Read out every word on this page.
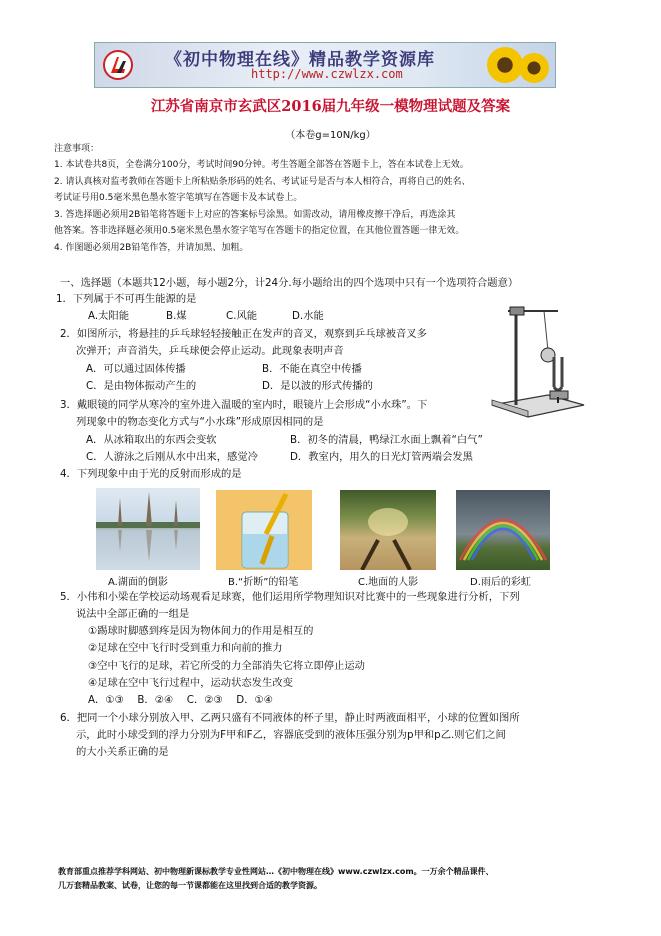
《初中物理在线》精品教学资源库
http://www.czwlzx.com
江苏省南京市玄武区2016届九年级一模物理试题及答案
（本卷g=10N/kg）
注意事项：
1. 本试卷共8页，全卷满分100分，考试时间90分钟。考生答题全部答在答题卡上，答在本试卷上无效。
2. 请认真核对监考教师在答题卡上所粘贴条形码的姓名、考试证号是否与本人相符合，再将自己的姓名、
考试证号用0.5毫米黑色墨水签字笔填写在答题卡及本试卷上。
3. 答选择题必须用2B铅笔将答题卡上对应的答案标号涂黑。如需改动，请用橡皮擦干净后，再选涂其
他答案。答非选择题必须用0.5毫米黑色墨水签字笔写在答题卡的指定位置，在其他位置答题一律无效。
4. 作图题必须用2B铅笔作答，并请加黑、加粗。
一、选择题（本题共12小题，每小题2分，计24分.每小题给出的四个选项中只有一个选项符合题意）
1．下列属于不可再生能源的是
A.太阳能	B.煤	C.风能	D.水能
2．如图所示，将悬挂的乒乓球轻轻接触正在发声的音叉，观察到乒乓球被音叉多
次弹开；声音消失，乒乓球便会停止运动。此现象表明声音
A．可以通过固体传播	B．不能在真空中传播
C．是由物体振动产生的	D．是以波的形式传播的
3．戴眼镜的同学从寒冷的室外进入温暖的室内时，眼镜片上会形成“小水珠”。下
列现象中的物态变化方式与“小水珠”形成原因相同的是
A．从冰箱取出的东西会变软	B．初冬的清晨，鸭绿江水面上飘着“白气”
C．人游泳之后刚从水中出来，感觉冷	D．教室内，用久的日光灯管两端会发黑
4．下列现象中由于光的反射而形成的是
A.湖面的倒影	B.“折断”的铅笔	C.地面的人影	D.雨后的彩虹
5．小伟和小梁在学校运动场观看足球赛，他们运用所学物理知识对比赛中的一些现象进行分析，下列
说法中全部正确的一组是
①踢球时脚感到疼是因为物体间力的作用是相互的
②足球在空中飞行时受到重力和向前的推力
③空中飞行的足球，若它所受的力全部消失它将立即停止运动
④足球在空中飞行过程中，运动状态发生改变
A．①③　 B．②④　 C．②③　 D．①④
6．把同一个小球分别放入甲、乙两只盛有不同液体的杯子里，静止时两液面相平，小球的位置如图所
示，此时小球受到的浮力分别为F甲和F乙，容器底受到的液体压强分别为p甲和p乙.则它们之间
的大小关系正确的是
教育部重点推荐学科网站、初中物理新课标教学专业性网站…《初中物理在线》www.czwlzx.com。一万余个精品课件、
几万套精品教案、试卷，让您的每一节课都能在这里找到合适的教学资源。
